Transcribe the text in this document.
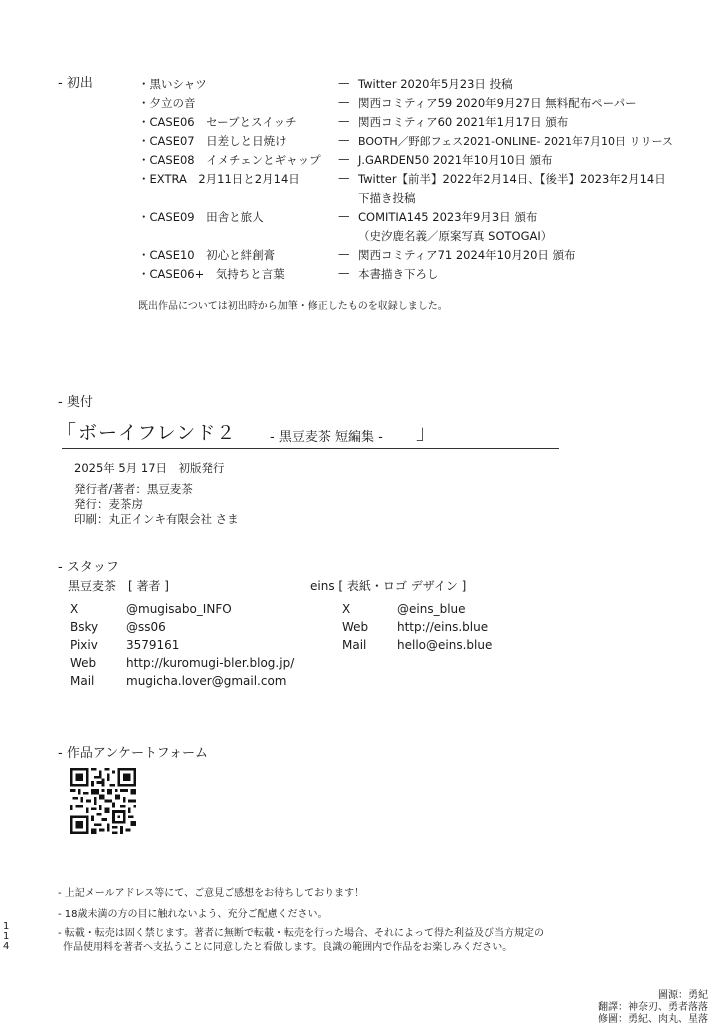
- 初出	・黒いシャツ	— Twitter 2020年5月23日 投稿
・夕立の音	— 関西コミティア59 2020年9月27日 無料配布ペーパー
・CASE06　セーブとスイッチ	— 関西コミティア60 2021年1月17日 頒布
・CASE07　日差しと日焼け	— BOOTH／野郎フェス2021-ONLINE- 2021年7月10日 リリース
・CASE08　イメチェンとギャップ — J.GARDEN50 2021年10月10日 頒布
・EXTRA　2月11日と2月14日	— Twitter【前半】2022年2月14日、【後半】2023年2月14日
下描き投稿
・CASE09　田舎と旅人	— COMITIA145 2023年9月3日 頒布
（史汐鹿名義／原案写真 SOTOGAI）
・CASE10　初心と絆創膏	— 関西コミティア71 2024年10月20日 頒布
・CASE06+　気持ちと言葉	— 本書描き下ろし
既出作品については初出時から加筆・修正したものを収録しました。
- 奥付
「 ボーイフレンド２	- 黒豆麦茶 短編集 - 」
2025年 5月 17日　初版発行
発行者/著者：黒豆麦茶
発行：麦茶房
印刷：丸正インキ有限会社 さま
- スタッフ
黒豆麦茶　[ 著者 ]
X	@mugisabo_INFO
Bsky @ss06
Pixiv 3579161
Web http://kuromugi-bler.blog.jp/
Mail	mugicha.lover@gmail.com
eins [ 表紙・ロゴ デザイン ]
X	@eins_blue
Web http://eins.blue
Mail	hello@eins.blue
- 作品アンケートフォーム
- 上記メールアドレス等にて、ご意見ご感想をお待ちしております！
- 18歳未満の方の目に触れないよう、充分ご配慮ください。
- 転載・転売は固く禁じます。著者に無断で転載・転売を行った場合、それによって得た利益及び当方規定の
作品使用料を著者へ支払うことに同意したと看做します。良識の範囲内で作品をお楽しみください。
1
1
4
圖源：勇紀
翻譯：神奈刃、勇者落落
修圖：勇紀、肉丸、星落
